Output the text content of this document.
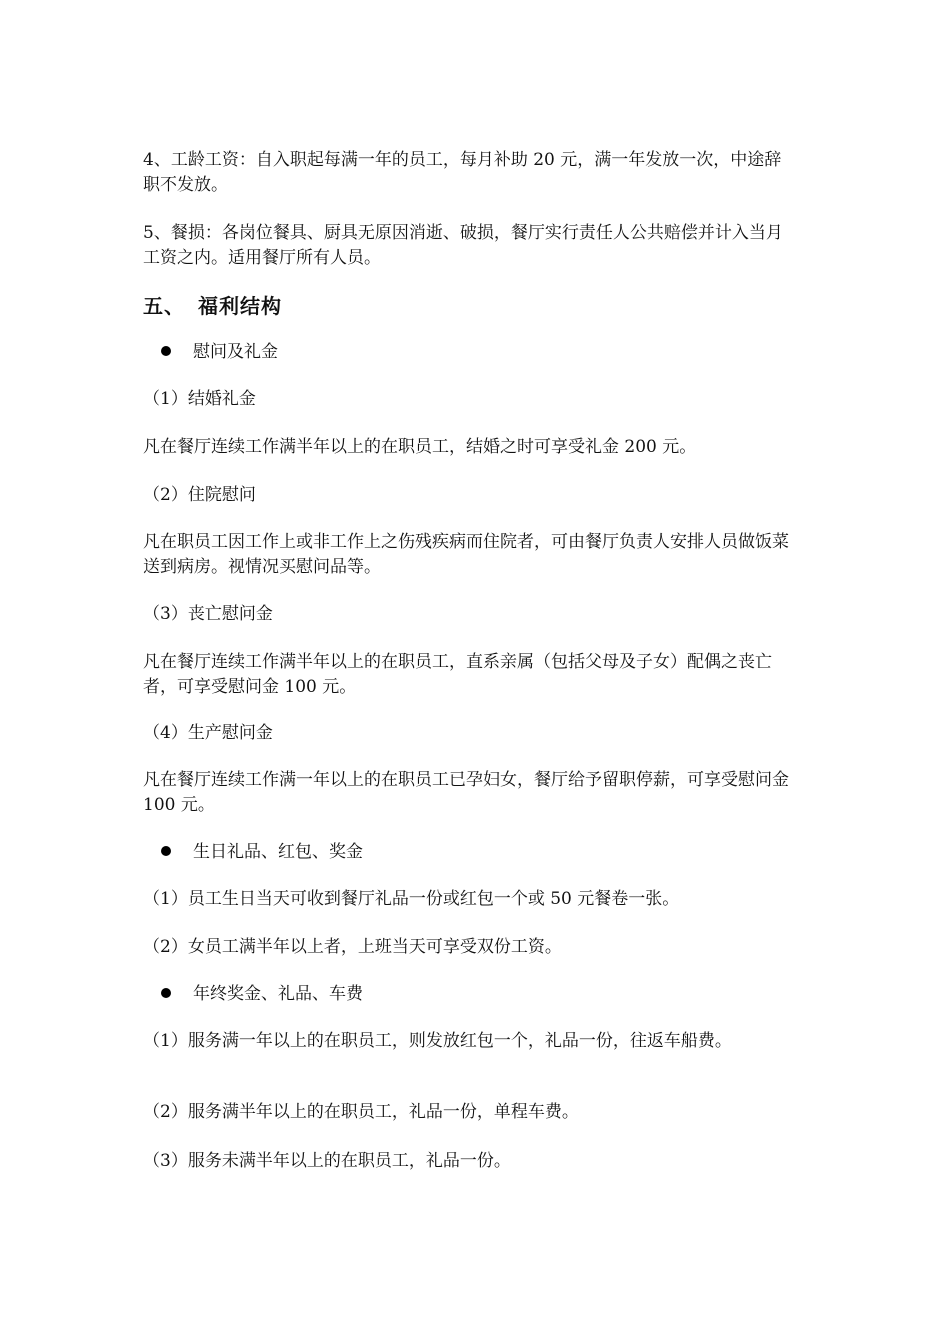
4、工龄工资：自入职起每满一年的员工，每月补助 20 元，满一年发放一次，中途辞职不发放。
5、餐损：各岗位餐具、厨具无原因消逝、破损，餐厅实行责任人公共赔偿并计入当月工资之内。适用餐厅所有人员。
五、 福利结构
慰问及礼金
（1）结婚礼金
凡在餐厅连续工作满半年以上的在职员工，结婚之时可享受礼金 200 元。
（2）住院慰问
凡在职员工因工作上或非工作上之伤残疾病而住院者，可由餐厅负责人安排人员做饭菜送到病房。视情况买慰问品等。
（3）丧亡慰问金
凡在餐厅连续工作满半年以上的在职员工，直系亲属（包括父母及子女）配偶之丧亡者，可享受慰问金 100 元。
（4）生产慰问金
凡在餐厅连续工作满一年以上的在职员工已孕妇女，餐厅给予留职停薪，可享受慰问金 100 元。
生日礼品、红包、奖金
（1）员工生日当天可收到餐厅礼品一份或红包一个或 50 元餐卷一张。
（2）女员工满半年以上者，上班当天可享受双份工资。
年终奖金、礼品、车费
（1）服务满一年以上的在职员工，则发放红包一个，礼品一份，往返车船费。
（2）服务满半年以上的在职员工，礼品一份，单程车费。
（3）服务未满半年以上的在职员工，礼品一份。
